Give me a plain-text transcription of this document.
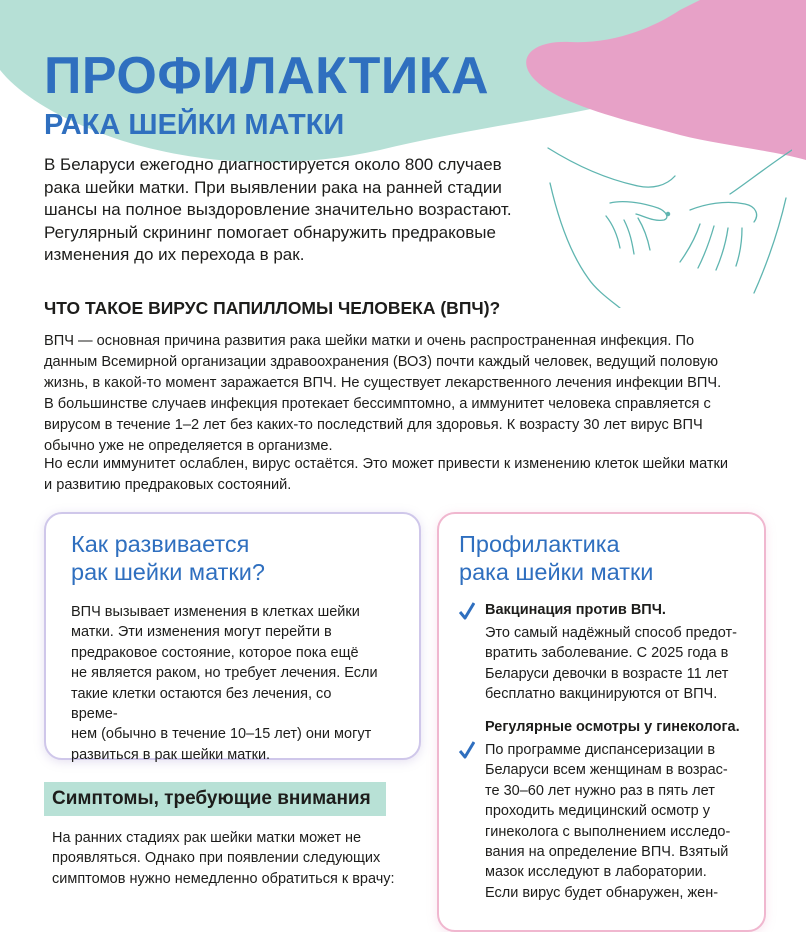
ПРОФИЛАКТИКА
РАКА ШЕЙКИ МАТКИ

В Беларуси ежегодно диагностируется около 800 случаев
рака шейки матки. При выявлении рака на ранней стадии
шансы на полное выздоровление значительно возрастают.
Регулярный скрининг помогает обнаружить предраковые
изменения до их перехода в рак.

ЧТО ТАКОЕ ВИРУС ПАПИЛЛОМЫ ЧЕЛОВЕКА (ВПЧ)?

ВПЧ — основная причина развития рака шейки матки и очень распространенная инфекция. По
данным Всемирной организации здравоохранения (ВОЗ) почти каждый человек, ведущий половую
жизнь, в какой-то момент заражается ВПЧ. Не существует лекарственного лечения инфекции ВПЧ.
В большинстве случаев инфекция протекает бессимптомно, а иммунитет человека справляется с
вирусом в течение 1–2 лет без каких-то последствий для здоровья. К возрасту 30 лет вирус ВПЧ
обычно уже не определяется в организме.

Но если иммунитет ослаблен, вирус остаётся. Это может привести к изменению клеток шейки матки
и развитию предраковых состояний.

Как развивается
рак шейки матки?

ВПЧ вызывает изменения в клетках шейки
матки. Эти изменения могут перейти в
предраковое состояние, которое пока ещё
не является раком, но требует лечения. Если
такие клетки остаются без лечения, со време-
нем (обычно в течение 10–15 лет) они могут
развиться в рак шейки матки.

Профилактика
рака шейки матки

Вакцинация против ВПЧ.

Это самый надёжный способ предот-
вратить заболевание. С 2025 года в
Беларуси девочки в возрасте 11 лет
бесплатно вакцинируются от ВПЧ.

Регулярные осмотры у гинеколога.

По программе диспансеризации в
Беларуси всем женщинам в возрас-
те 30–60 лет нужно раз в пять лет
проходить медицинский осмотр у
гинеколога с выполнением исследо-
вания на определение ВПЧ. Взятый
мазок исследуют в лаборатории.
Если вирус будет обнаружен, жен-

Симптомы, требующие внимания

На ранних стадиях рак шейки матки может не
проявляться. Однако при появлении следующих
симптомов нужно немедленно обратиться к врачу:
